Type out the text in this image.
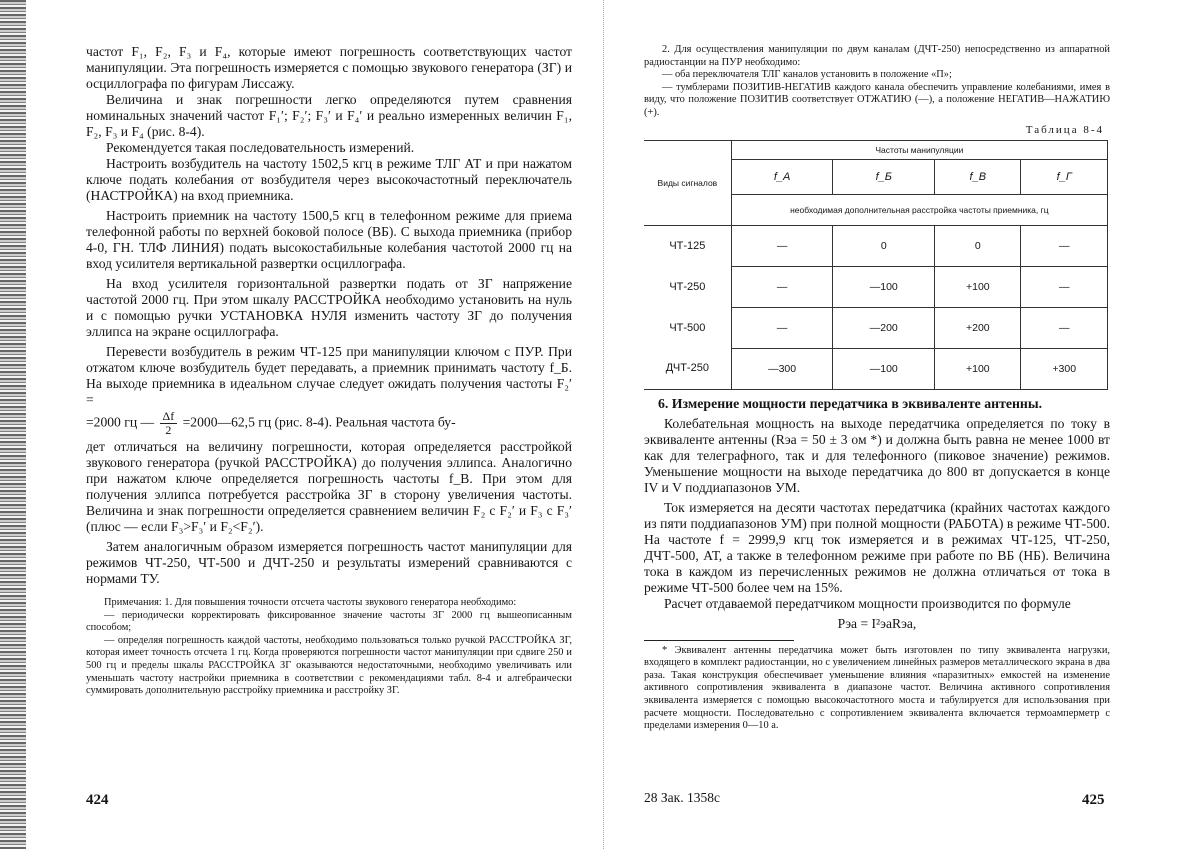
частот F₁, F₂, F₃ и F₄, которые имеют погрешность соответствующих частот манипуляции. Эта погрешность измеряется с помощью звукового генератора (ЗГ) и осциллографа по фигурам Лиссажу.

Величина и знак погрешности легко определяются путем сравнения номинальных значений частот F₁′; F₂′; F₃′ и F₄′ и реально измеренных величин F₁, F₂, F₃ и F₄ (рис. 8-4).

Рекомендуется такая последовательность измерений.

Настроить возбудитель на частоту 1502,5 кгц в режиме ТЛГ АТ и при нажатом ключе подать колебания от возбудителя через высокочастотный переключатель (НАСТРОЙКА) на вход приемника.

Настроить приемник на частоту 1500,5 кгц в телефонном режиме для приема телефонной работы по верхней боковой полосе (ВБ). С выхода приемника (прибор 4-0, ГН. ТЛФ ЛИНИЯ) подать высокостабильные колебания частотой 2000 гц на вход усилителя вертикальной развертки осциллографа.

На вход усилителя горизонтальной развертки подать от ЗГ напряжение частотой 2000 гц. При этом шкалу РАССТРОЙКА необходимо установить на нуль и с помощью ручки УСТАНОВКА НУЛЯ изменить частоту ЗГ до получения эллипса на экране осциллографа.

Перевести возбудитель в режим ЧТ-125 при манипуляции ключом с ПУР. При отжатом ключе возбудитель будет передавать, а приемник принимать частоту f_Б. На выходе приемника в идеальном случае следует ожидать получения частоты F₂′ =

=2000 гц — $\frac{\Delta f}{2}$ =2000—62,5 гц (рис. 8-4). Реальная частота бу-

дет отличаться на величину погрешности, которая определяется расстройкой звукового генератора (ручкой РАССТРОЙКА) до получения эллипса. Аналогично при нажатом ключе определяется погрешность частоты f_В. При этом для получения эллипса потребуется расстройка ЗГ в сторону увеличения частоты. Величина и знак погрешности определяется сравнением величин F₂ с F₂′ и F₃ с F₃′ (плюс — если F₃>F₃′ и F₂<F₂′).

Затем аналогичным образом измеряется погрешность частот манипуляции для режимов ЧТ-250, ЧТ-500 и ДЧТ-250 и результаты измерений сравниваются с нормами ТУ.

Примечания: 1. Для повышения точности отсчета частоты звукового генератора необходимо:

— периодически корректировать фиксированное значение частоты ЗГ 2000 гц вышеописанным способом;

— определяя погрешность каждой частоты, необходимо пользоваться только ручкой РАССТРОЙКА ЗГ, которая имеет точность отсчета 1 гц. Когда проверяются погрешности частот манипуляции при сдвиге 250 и 500 гц и пределы шкалы РАССТРОЙКА ЗГ оказываются недостаточными, необходимо увеличивать или уменьшать частоту настройки приемника в соответствии с рекомендациями табл. 8-4 и алгебраически суммировать дополнительную расстройку приемника и расстройку ЗГ.

424

2. Для осуществления манипуляции по двум каналам (ДЧТ-250) непосредственно из аппаратной радиостанции на ПУР необходимо:

— оба переключателя ТЛГ каналов установить в положение «П»;

— тумблерами ПОЗИТИВ-НЕГАТИВ каждого канала обеспечить управление колебаниями, имея в виду, что положение ПОЗИТИВ соответствует ОТЖАТИЮ (—), а положение НЕГАТИВ—НАЖАТИЮ (+).

Таблица 8-4
Виды сигналов	Частоты манипуляции			
	f_А	f_Б	f_В	f_Г
	необходимая дополнительная расстройка частоты приемника, гц			
ЧТ-125	—	0	0	—
ЧТ-250	—	—100	+100	—
ЧТ-500	—	—200	+200	—
ДЧТ-250	—300	—100	+100	+300
6. Измерение мощности передатчика в эквиваленте антенны.

Колебательная мощность на выходе передатчика определяется по току в эквиваленте антенны (Rэа = 50 ± 3 ом *) и должна быть равна не менее 1000 вт как для телеграфного, так и для телефонного (пиковое значение) режимов. Уменьшение мощности на выходе передатчика до 800 вт допускается в конце IV и V поддиапазонов УМ.

Ток измеряется на десяти частотах передатчика (крайних частотах каждого из пяти поддиапазонов УМ) при полной мощности (РАБОТА) в режиме ЧТ-500. На частоте f = 2999,9 кгц ток измеряется и в режимах ЧТ-125, ЧТ-250, ДЧТ-500, АТ, а также в телефонном режиме при работе по ВБ (НБ). Величина тока в каждом из перечисленных режимов не должна отличаться от тока в режиме ЧТ-500 более чем на 15%.

Расчет отдаваемой передатчиком мощности производится по формуле

Pэа = I²эаRэа,

* Эквивалент антенны передатчика может быть изготовлен по типу эквивалента нагрузки, входящего в комплект радиостанции, но с увеличением линейных размеров металлического экрана в два раза. Такая конструкция обеспечивает уменьшение влияния «паразитных» емкостей на изменение активного сопротивления эквивалента в диапазоне частот. Величина активного сопротивления эквивалента измеряется с помощью высокочастотного моста и табулируется для использования при расчете мощности. Последовательно с сопротивлением эквивалента включается термоамперметр с пределами измерения 0—10 а.

28 Зак. 1358с	425
